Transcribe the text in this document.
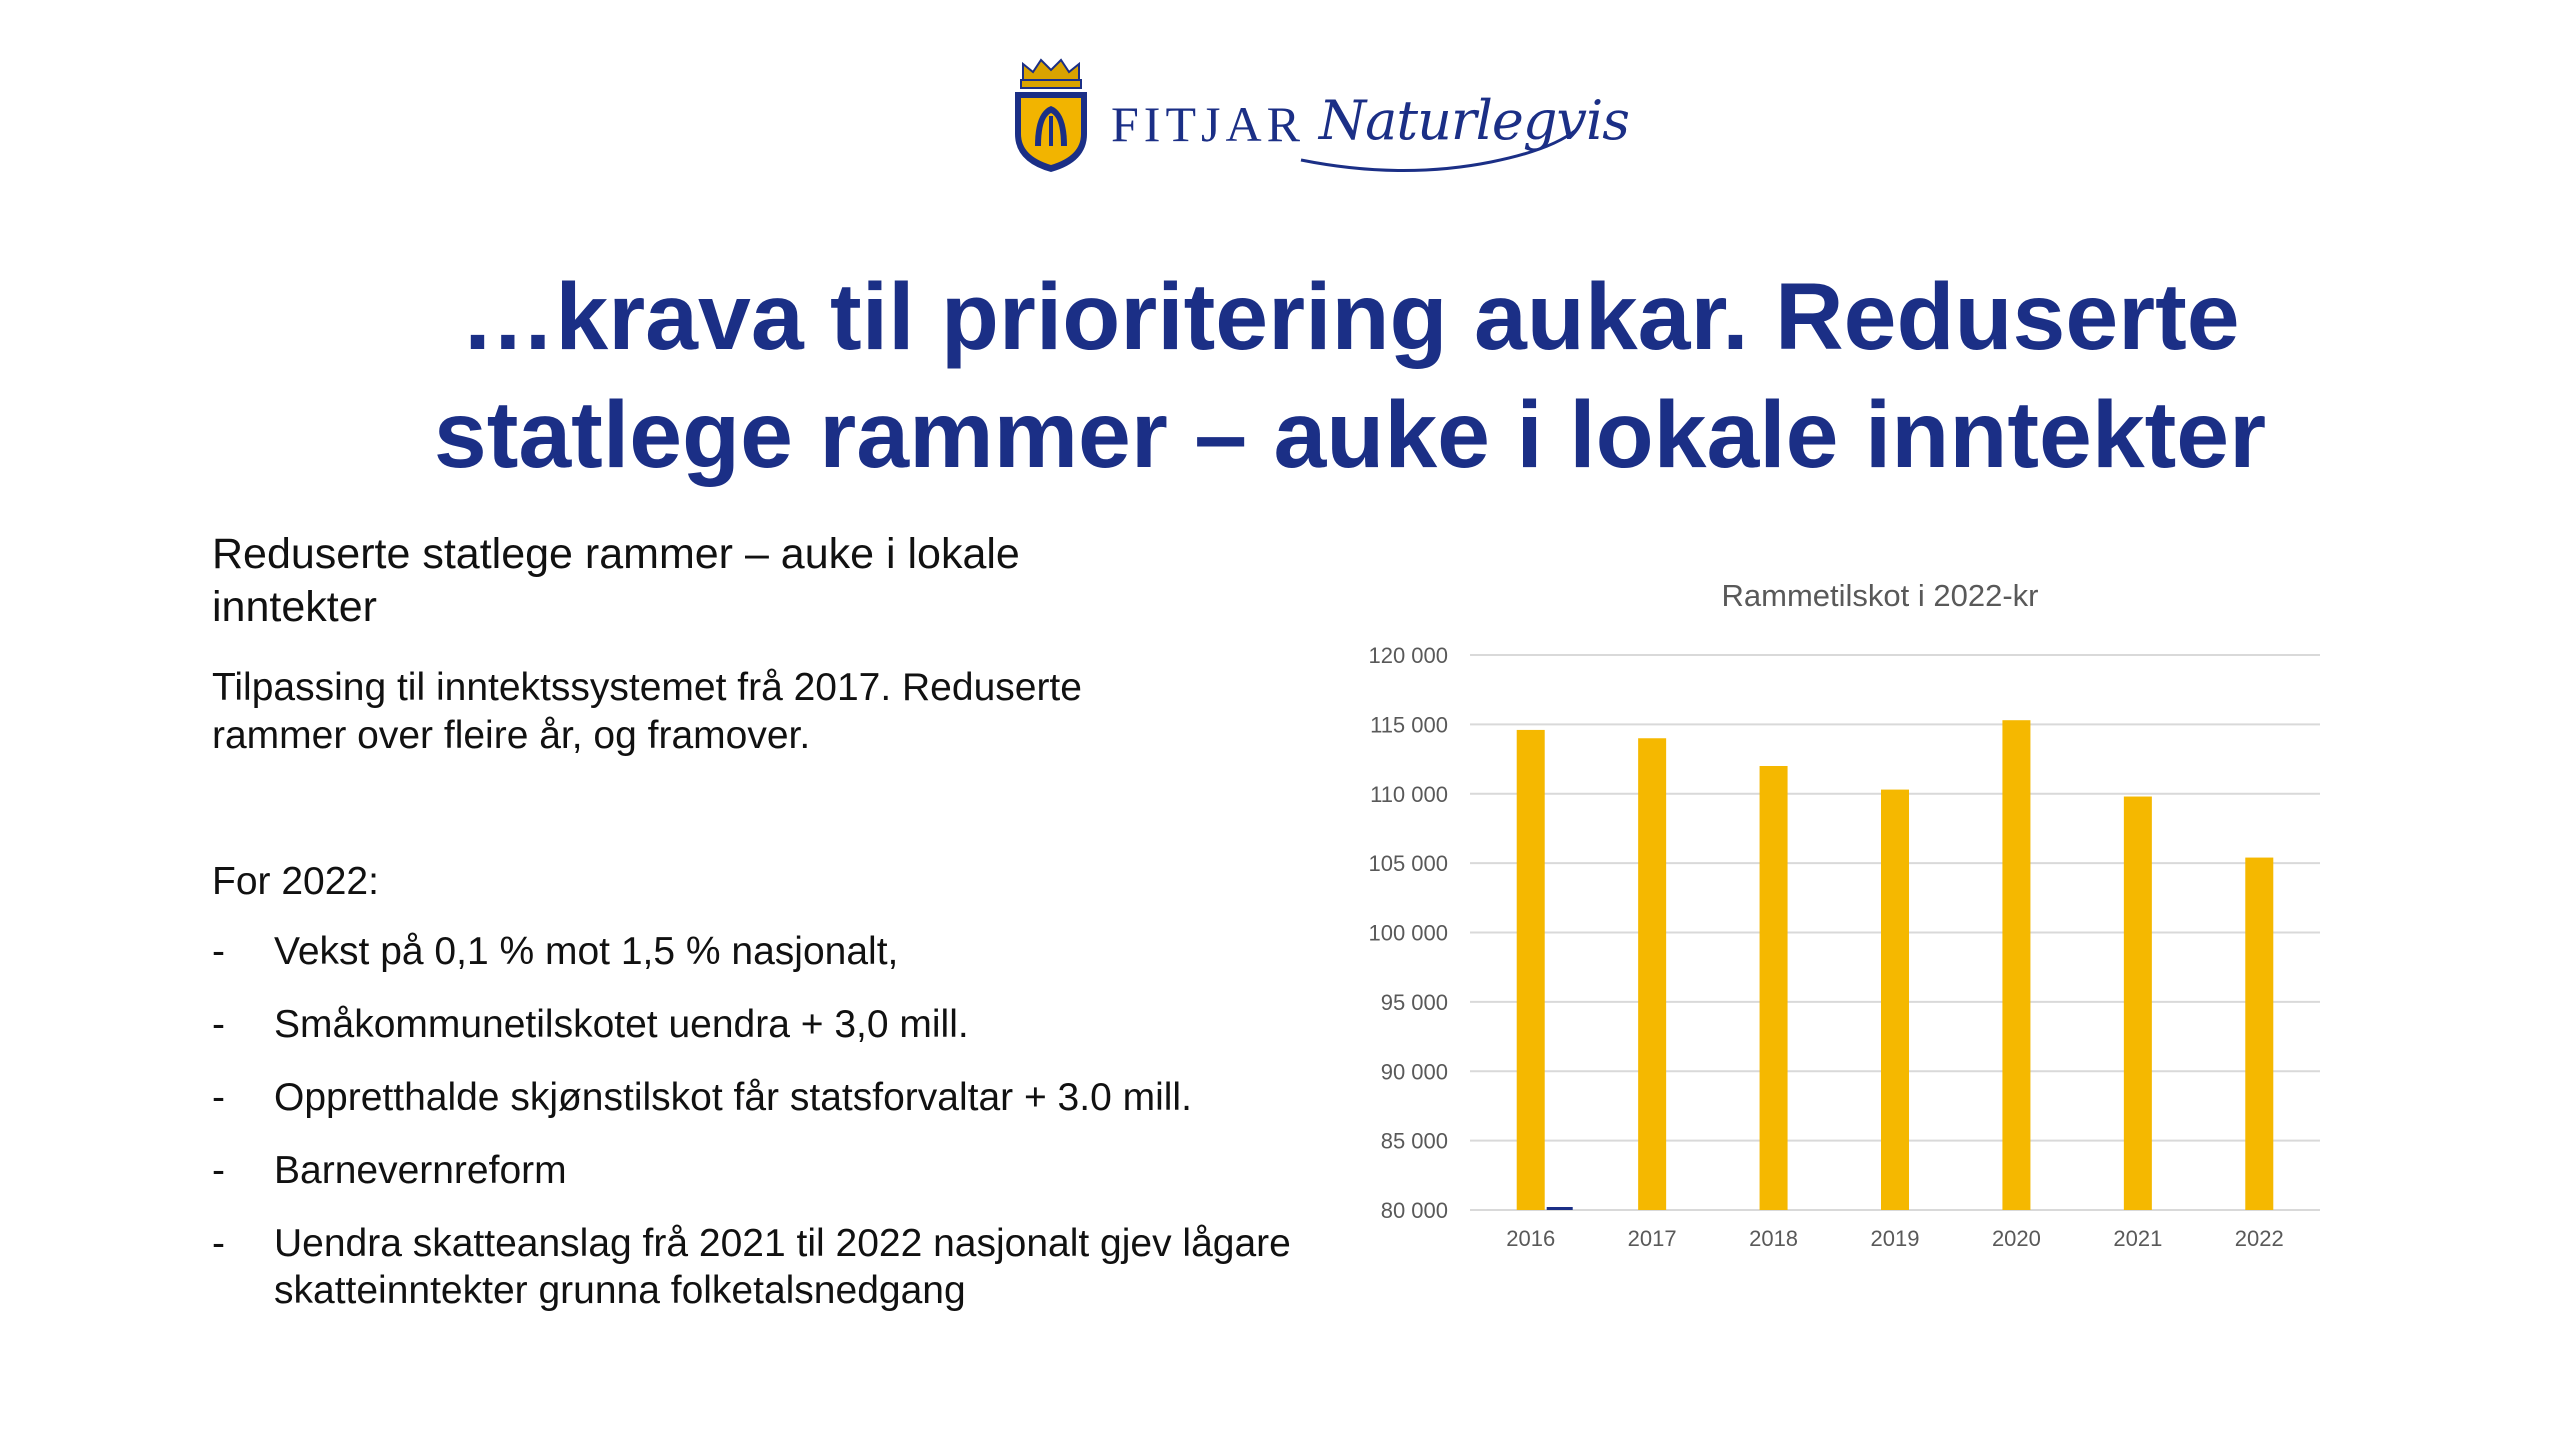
FITJAR Naturlegvis
…krava til prioritering aukar. Reduserte
statlege rammer – auke i lokale inntekter
Reduserte statlege rammer – auke i lokale
inntekter
Tilpassing til inntektssystemet frå 2017. Reduserte
rammer over fleire år, og framover.
For 2022:
-	Vekst på 0,1 % mot 1,5 % nasjonalt,
-	Småkommunetilskotet uendra + 3,0 mill.
-	Oppretthalde skjønstilskot får statsforvaltar + 3.0 mill.
-	Barnevernreform
-	Uendra skatteanslag frå 2021 til 2022 nasjonalt gjev lågare skatteinntekter grunna folketalsnedgang
Rammetilskot i 2022-kr
80 000
85 000
90 000
95 000
100 000
105 000
110 000
115 000
120 000
2016	2017	2018	2019	2020	2021	2022
